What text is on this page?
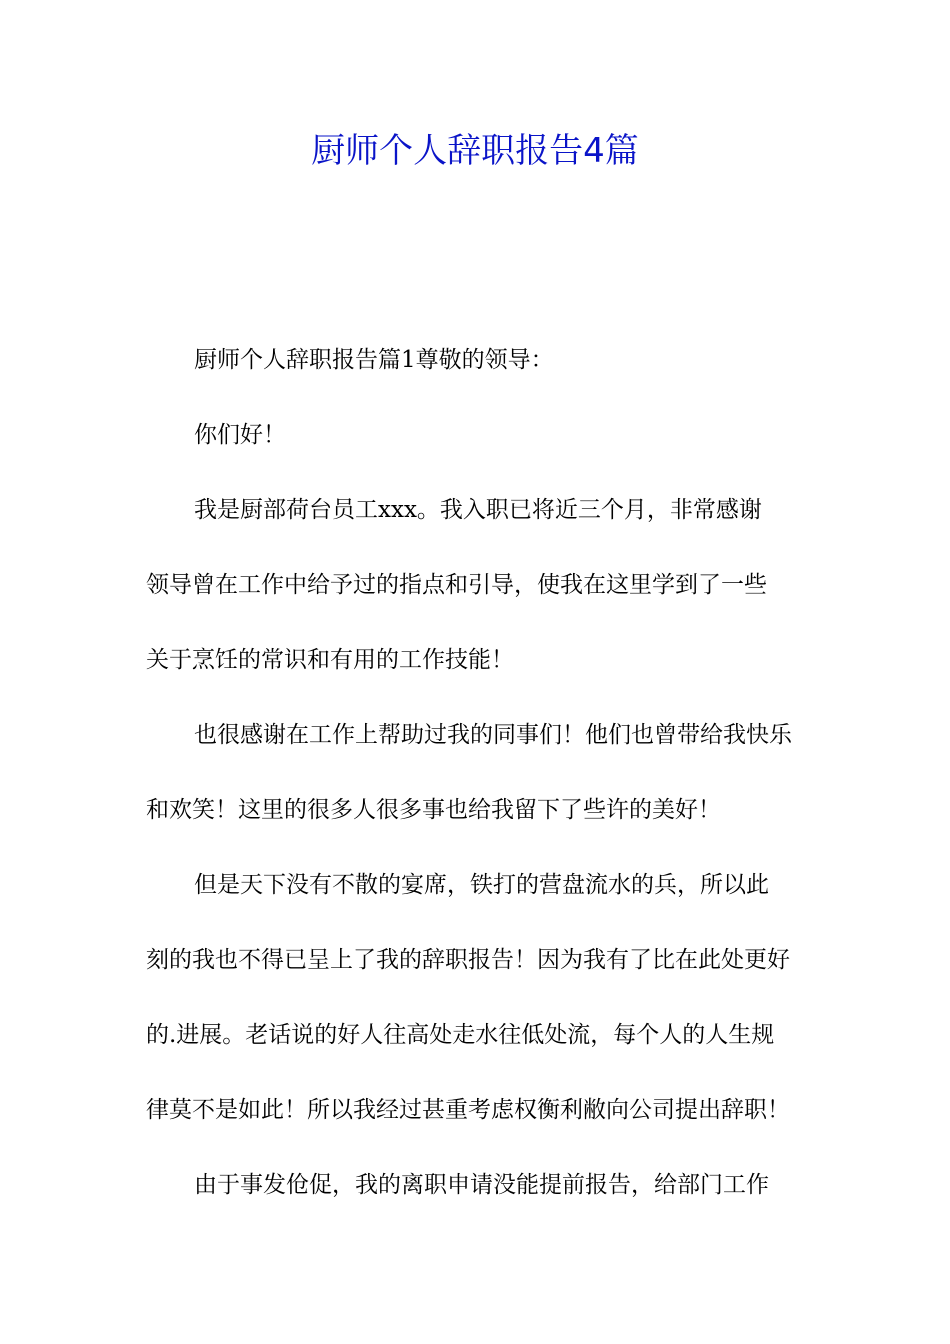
厨师个人辞职报告4篇
厨师个人辞职报告篇1尊敬的领导：
你们好！
我是厨部荷台员工xxx。我入职已将近三个月，非常感谢
领导曾在工作中给予过的指点和引导，使我在这里学到了一些
关于烹饪的常识和有用的工作技能！
也很感谢在工作上帮助过我的同事们！他们也曾带给我快乐
和欢笑！这里的很多人很多事也给我留下了些许的美好！
但是天下没有不散的宴席，铁打的营盘流水的兵，所以此
刻的我也不得已呈上了我的辞职报告！因为我有了比在此处更好
的.进展。老话说的好人往高处走水往低处流，每个人的人生规
律莫不是如此！所以我经过甚重考虑权衡利敝向公司提出辞职！
由于事发伧促，我的离职申请没能提前报告，给部门工作
